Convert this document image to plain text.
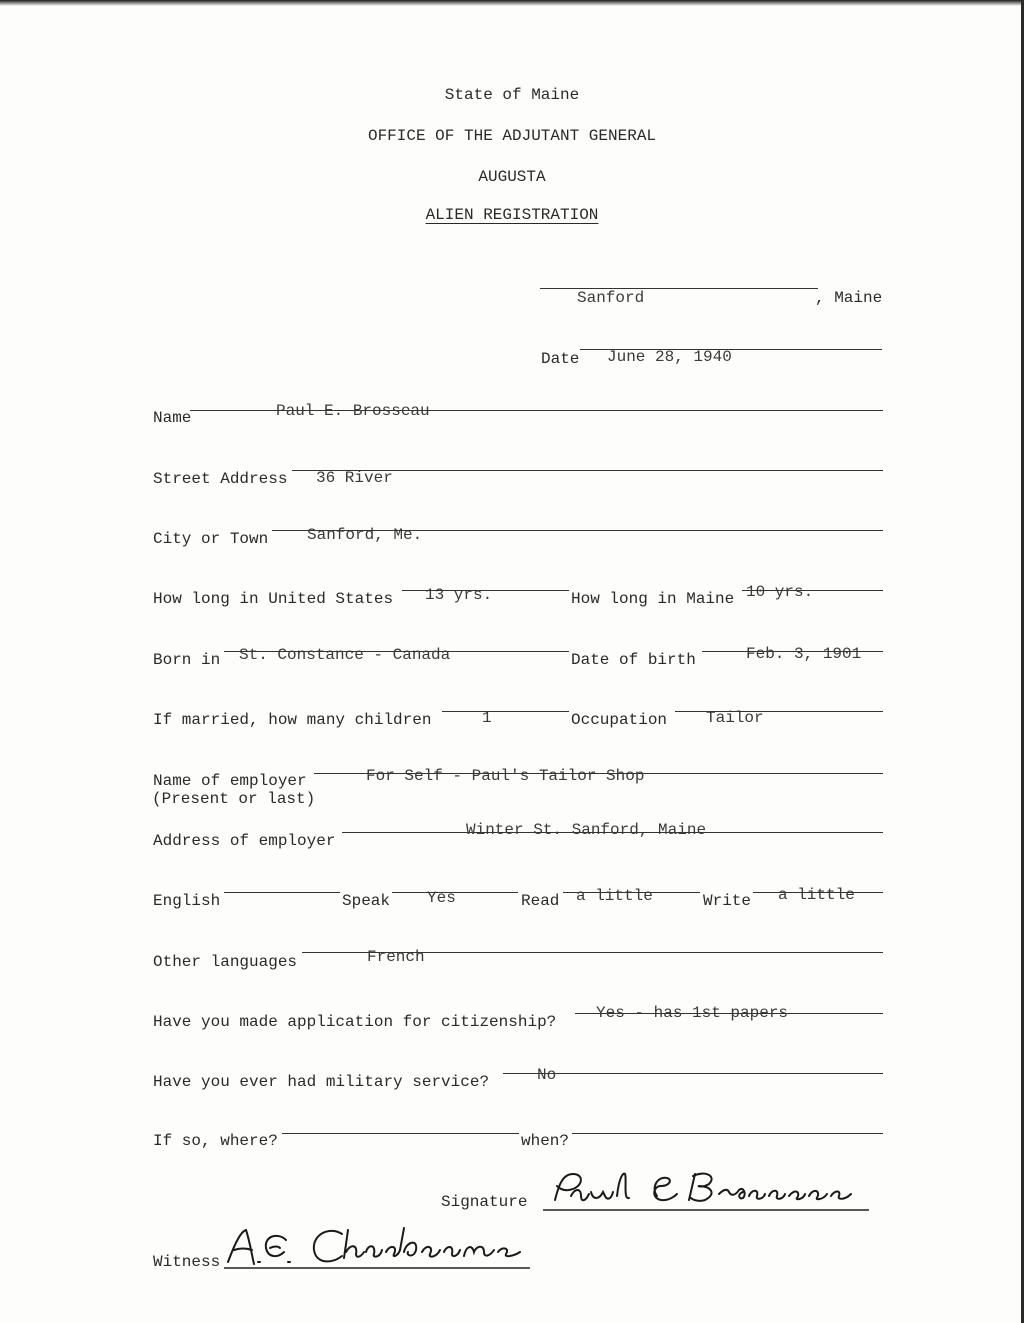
State of Maine
OFFICE OF THE ADJUTANT GENERAL
AUGUSTA
ALIEN REGISTRATION
Sanford	, Maine
Date June 28, 1940
Name	Paul E. Brosseau
Street Address 36 River
City or Town Sanford, Me.
How long in United States 13 yrs.	How long in Maine 10 yrs.
Born in St. Constance - Canada	Date of birth	Feb. 3, 1901
If married, how many children	1	Occupation Tailor
Name of employer	For Self - Paul's Tailor Shop
(Present or last)
Address of employer
Winter St. Sanford, Maine
English	Speak Yes	Read a little	Write a little
Other languages	French
Have you made application for citizenship? Yes - has 1st papers
Have you ever had military service?	No
If so, where?	when?
Signature
Witness
